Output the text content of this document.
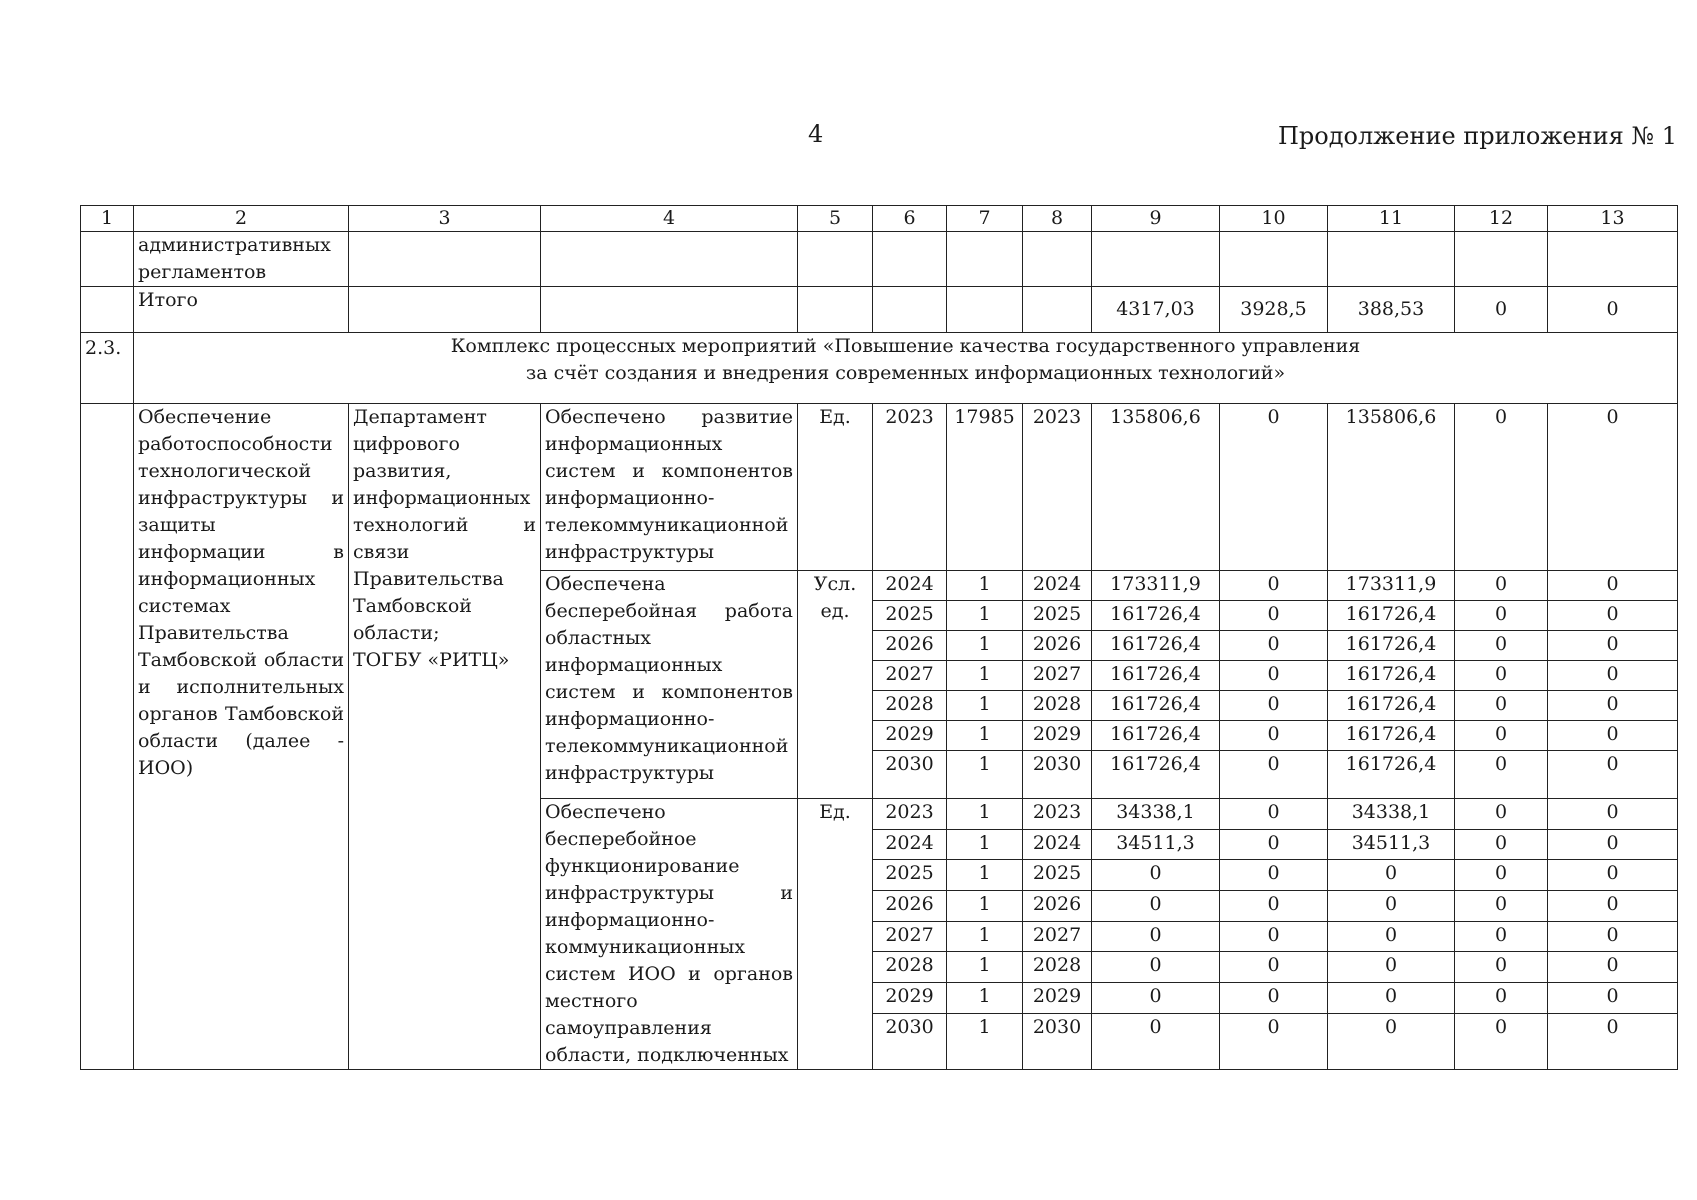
4	Продолжение приложения № 1
1	2	3	4	5	6	7	8	9	10	11	12	13

	административных
регламентов											

	Итого							4317,03	3928,5	388,53	0	0
2.3.	Комплекс процессных мероприятий «Повышение качества государственного управления
за счёт создания и внедрения современных информационных технологий»											

	Обеспечение работоспособности технологической инфраструктуры и защиты информации в информационных системах Правительства Тамбовской области и исполнительных органов Тамбовской области (далее - ИОО)	Департамент цифрового развития, информационных технологий и связи Правительства Тамбовской области;
ТОГБУ «РИТЦ»	Обеспечено развитие информационных систем и компонентов информационно-телекоммуникационной инфраструктуры	Ед.	2023	17985	2023	135806,6	0	135806,6	0	0
			Обеспечена бесперебойная работа областных информационных систем и компонентов информационно-телекоммуникационной инфраструктуры	Усл.
ед.	2024	1	2024	173311,9	0	173311,9	0	0
					2025	1	2025	161726,4	0	161726,4	0	0
					2026	1	2026	161726,4	0	161726,4	0	0
					2027	1	2027	161726,4	0	161726,4	0	0
					2028	1	2028	161726,4	0	161726,4	0	0
					2029	1	2029	161726,4	0	161726,4	0	0
					2030	1	2030	161726,4	0	161726,4	0	0
			Обеспечено бесперебойное функционирование инфраструктуры и информационно-коммуникационных систем ИОО и органов местного самоуправления области, подключенных	Ед.	2023	1	2023	34338,1	0	34338,1	0	0
					2024	1	2024	34511,3	0	34511,3	0	0
					2025	1	2025	0	0	0	0	0
					2026	1	2026	0	0	0	0	0
					2027	1	2027	0	0	0	0	0
					2028	1	2028	0	0	0	0	0
					2029	1	2029	0	0	0	0	0
					2030	1	2030	0	0	0	0	0
